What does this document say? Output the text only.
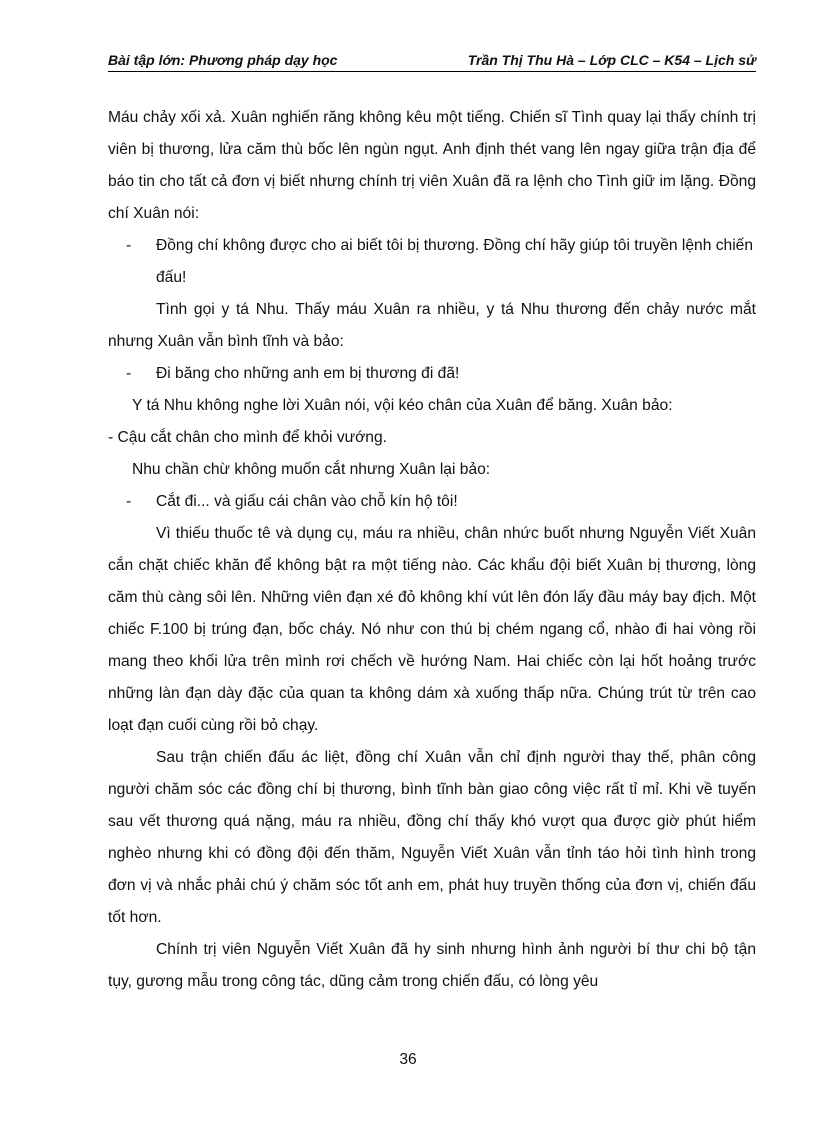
Bài tập lớn: Phương pháp dạy học	Trần Thị Thu Hà – Lớp CLC – K54 – Lịch sử

Máu chảy xối xả. Xuân nghiến răng không kêu một tiếng. Chiến sĩ Tình quay lại thấy chính trị viên bị thương, lửa căm thù bốc lên ngùn ngụt. Anh định thét vang lên ngay giữa trận địa để báo tin cho tất cả đơn vị biết nhưng chính trị viên Xuân đã ra lệnh cho Tình giữ im lặng. Đồng chí Xuân nói:

-	Đồng chí không được cho ai biết tôi bị thương. Đồng chí hãy giúp tôi truyền lệnh chiến đấu!

Tình gọi y tá Nhu. Thấy máu Xuân ra nhiều, y tá Nhu thương đến chảy nước mắt nhưng Xuân vẫn bình tĩnh và bảo:

-	Đi băng cho những anh em bị thương đi đã!

Y tá Nhu không nghe lời Xuân nói, vội kéo chân của Xuân để băng. Xuân bảo:

- Cậu cắt chân cho mình để khỏi vướng.

Nhu chần chừ không muốn cắt nhưng Xuân lại bảo:

-	Cắt đi... và giấu cái chân vào chỗ kín hộ tôi!

Vì thiếu thuốc tê và dụng cụ, máu ra nhiều, chân nhức buốt nhưng Nguyễn Viết Xuân cắn chặt chiếc khăn để không bật ra một tiếng nào. Các khẩu đội biết Xuân bị thương, lòng căm thù càng sôi lên. Những viên đạn xé đỏ không khí vút lên đón lấy đầu máy bay địch. Một chiếc F.100 bị trúng đạn, bốc cháy. Nó như con thú bị chém ngang cổ, nhào đi hai vòng rồi mang theo khối lửa trên mình rơi chếch về hướng Nam. Hai chiếc còn lại hốt hoảng trước những làn đạn dày đặc của quan ta không dám xà xuống thấp nữa. Chúng trút từ trên cao loạt đạn cuối cùng rồi bỏ chạy.

Sau trận chiến đấu ác liệt, đồng chí Xuân vẫn chỉ định người thay thế, phân công người chăm sóc các đồng chí bị thương, bình tĩnh bàn giao công việc rất tỉ mỉ. Khi về tuyến sau vết thương quá nặng, máu ra nhiều, đồng chí thấy khó vượt qua được giờ phút hiểm nghèo nhưng khi có đồng đội đến thăm, Nguyễn Viết Xuân vẫn tỉnh táo hỏi tình hình trong đơn vị và nhắc phải chú ý chăm sóc tốt anh em, phát huy truyền thống của đơn vị, chiến đấu tốt hơn.

Chính trị viên Nguyễn Viết Xuân đã hy sinh nhưng hình ảnh người bí thư chi bộ tận tụy, gương mẫu trong công tác, dũng cảm trong chiến đấu, có lòng yêu

36
